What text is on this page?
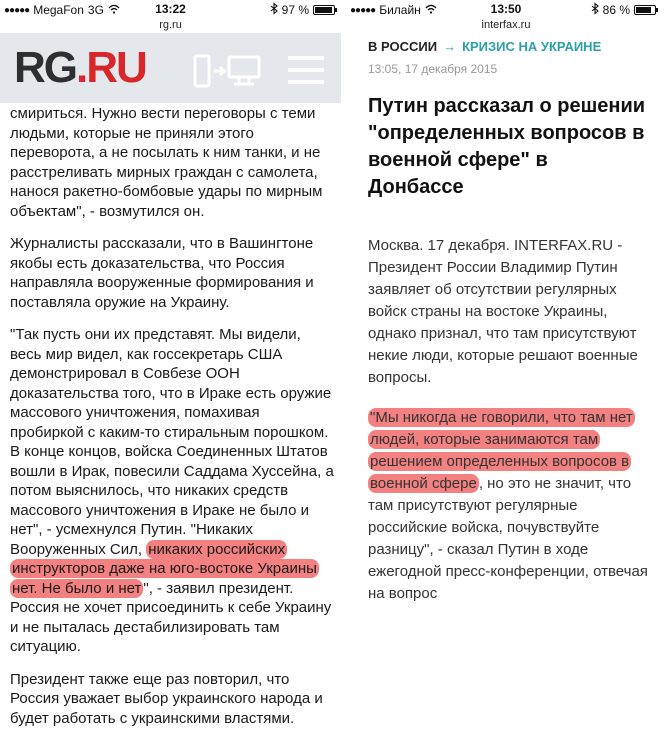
●●●●● MegaFon 3G	13:22	97 %
rg.ru
RG.RU

смириться. Нужно вести переговоры с теми людьми, которые не приняли этого переворота, а не посылать к ним танки, и не расстреливать мирных граждан с самолета, нанося ракетно-бомбовые удары по мирным объектам", - возмутился он.

Журналисты рассказали, что в Вашингтоне якобы есть доказательства, что Россия направляла вооруженные формирования и поставляла оружие на Украину.

"Так пусть они их представят. Мы видели, весь мир видел, как госсекретарь США демонстрировал в Совбезе ООН доказательства того, что в Ираке есть оружие массового уничтожения, помахивая пробиркой с каким-то стиральным порошком. В конце концов, войска Соединенных Штатов вошли в Ирак, повесили Саддама Хуссейна, а потом выяснилось, что никаких средств массового уничтожения в Ираке не было и нет", - усмехнулся Путин. "Никаких Вооруженных Сил, никаких российских инструкторов даже на юго-востоке Украины нет. Не было и нет ", - заявил президент. Россия не хочет присоединить к себе Украину и не пыталась дестабилизировать там ситуацию.

Президент также еще раз повторил, что Россия уважает выбор украинского народа и будет работать с украинскими властями.

●●●●● Билайн	13:50	86 %
interfax.ru
В РОССИИ → КРИЗИС НА УКРАИНЕ
13:05, 17 декабря 2015
Путин рассказал о решении "определенных вопросов в военной сфере" в Донбассе

Москва. 17 декабря. INTERFAX.RU - Президент России Владимир Путин заявляет об отсутствии регулярных войск страны на востоке Украины, однако признал, что там присутствуют некие люди, которые решают военные вопросы.

"Мы никогда не говорили, что там нет людей, которые занимаются там решением определенных вопросов в военной сфере , но это не значит, что там присутствуют регулярные российские войска, почувствуйте разницу", - сказал Путин в ходе ежегодной пресс-конференции, отвечая на вопрос
